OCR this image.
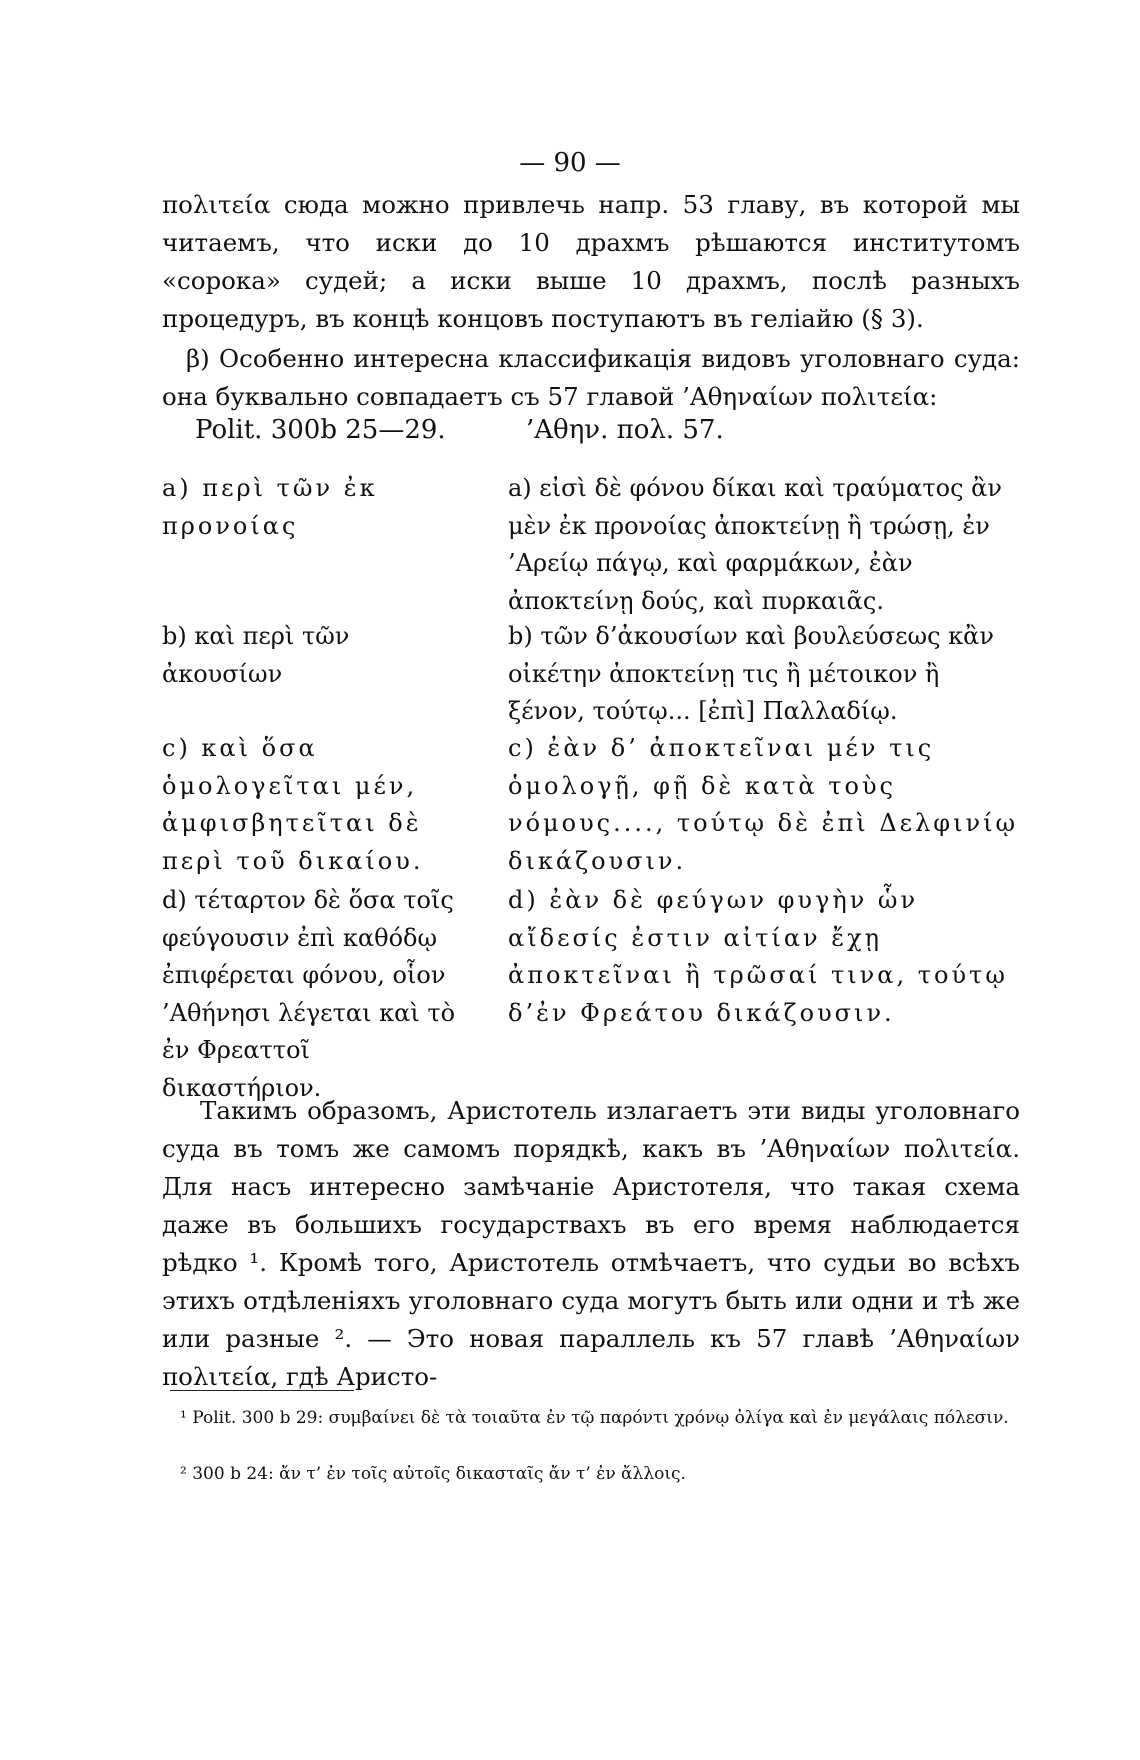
— 90 —

πολιτεία сюда можно привлечь напр. 53 главу, въ которой мы читаемъ, что иски до 10 драхмъ рѣшаются институтомъ «сорока» судей; а иски выше 10 драхмъ, послѣ разныхъ процедуръ, въ концѣ концовъ поступаютъ въ геліайю (§ 3).

β) Особенно интересна классификація видовъ уголовнаго суда: она буквально совпадаетъ съ 57 главой ’Αθηναίων πολιτεία:

Polit. 300b 25—29.	’Αθην. πολ. 57.

a) περὶ τῶν ἐκ προνοίας

a) εἰσὶ δὲ φόνου δίκαι καὶ τραύματος ἂν μὲν ἐκ προνοίας ἀποκτείνῃ ἢ τρώσῃ, ἐν ’Αρείῳ πάγῳ, καὶ φαρμάκων, ἐὰν ἀποκτείνῃ δούς, καὶ πυρκαιᾶς.

b) καὶ περὶ τῶν ἀκουσίων

b) τῶν δ’ἀκουσίων καὶ βουλεύσεως κἂν οἰκέτην ἀποκτείνῃ τις ἢ μέτοικον ἢ ξένον, τούτῳ... [ἐπὶ] Παλλαδίῳ.

c) καὶ ὅσα ὁμολογεῖται μέν, ἀμφισβητεῖται δὲ περὶ τοῦ δικαίου.

c) ἐὰν δ’ ἀποκτεῖναι μέν τις ὁμολογῇ, φῇ δὲ κατὰ τοὺς νόμους...., τούτῳ δὲ ἐπὶ Δελφινίῳ δικάζουσιν.

d) τέταρτον δὲ ὅσα τοῖς φεύγουσιν ἐπὶ καθόδῳ ἐπιφέρεται φόνου, οἷον ’Αθήνησι λέγεται καὶ τὸ ἐν Φρεαττοῖ δικαστήριον.

d) ἐὰν δὲ φεύγων φυγὴν ὧν αἴδεσίς ἐστιν αἰτίαν ἔχῃ ἀποκτεῖναι ἢ τρῶσαί τινα, τούτῳ δ’ἐν Φρεάτου δικάζουσιν.

Такимъ образомъ, Аристотель излагаетъ эти виды уголовнаго суда въ томъ же самомъ порядкѣ, какъ въ ’Αθηναίων πολιτεία. Для насъ интересно замѣчаніе Аристотеля, что такая схема даже въ большихъ государствахъ въ его время наблюдается рѣдко ¹. Кромѣ того, Аристотель отмѣчаетъ, что судьи во всѣхъ этихъ отдѣленіяхъ уголовнаго суда могутъ быть или одни и тѣ же или разные ². — Это новая параллель къ 57 главѣ ’Αθηναίων πολιτεία, гдѣ Аристо-

¹ Polit. 300 b 29: συμβαίνει δὲ τὰ τοιαῦτα ἐν τῷ παρόντι χρόνῳ ὀλίγα καὶ ἐν μεγάλαις πόλεσιν.

² 300 b 24: ἄν τ’ ἐν τοῖς αὐτοῖς δικασταῖς ἄν τ’ ἐν ἄλλοις.
